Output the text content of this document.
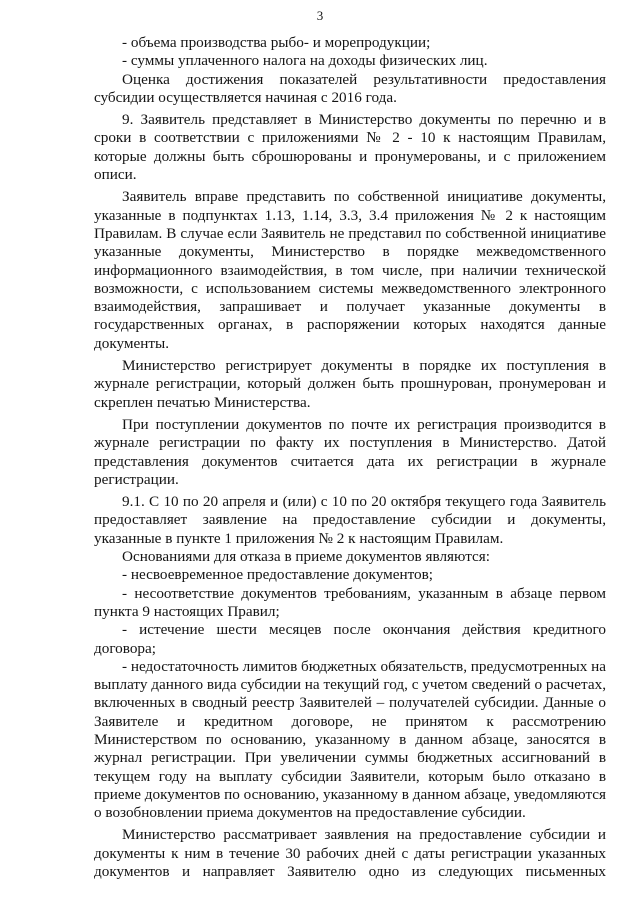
3

- объема производства рыбо- и морепродукции;

- суммы уплаченного налога на доходы физических лиц.

Оценка достижения показателей результативности предоставления субсидии осуществляется начиная с 2016 года.

9. Заявитель представляет в Министерство документы по перечню и в сроки в соответствии с приложениями № 2 - 10 к настоящим Правилам, которые должны быть сброшюрованы и пронумерованы, и с приложением описи.

Заявитель вправе представить по собственной инициативе документы, указанные в подпунктах 1.13, 1.14, 3.3, 3.4 приложения № 2 к настоящим Правилам. В случае если Заявитель не представил по собственной инициативе указанные документы, Министерство в порядке межведомственного информационного взаимодействия, в том числе, при наличии технической возможности, с использованием системы межведомственного электронного взаимодействия, запрашивает и получает указанные документы в государственных органах, в распоряжении которых находятся данные документы.

Министерство регистрирует документы в порядке их поступления в журнале регистрации, который должен быть прошнурован, пронумерован и скреплен печатью Министерства.

При поступлении документов по почте их регистрация производится в журнале регистрации по факту их поступления в Министерство. Датой представления документов считается дата их регистрации в журнале регистрации.

9.1. С 10 по 20 апреля и (или) с 10 по 20 октября текущего года Заявитель предоставляет заявление на предоставление субсидии и документы, указанные в пункте 1 приложения № 2 к настоящим Правилам.

Основаниями для отказа в приеме документов являются:

- несвоевременное предоставление документов;

- несоответствие документов требованиям, указанным в абзаце первом пункта 9 настоящих Правил;

- истечение шести месяцев после окончания действия кредитного договора;

- недостаточность лимитов бюджетных обязательств, предусмотренных на выплату данного вида субсидии на текущий год, с учетом сведений о расчетах, включенных в сводный реестр Заявителей – получателей субсидии. Данные о Заявителе и кредитном договоре, не принятом к рассмотрению Министерством по основанию, указанному в данном абзаце, заносятся в журнал регистрации. При увеличении суммы бюджетных ассигнований в текущем году на выплату субсидии Заявители, которым было отказано в приеме документов по основанию, указанному в данном абзаце, уведомляются о возобновлении приема документов на предоставление субсидии.

Министерство рассматривает заявления на предоставление субсидии и документы к ним в течение 30 рабочих дней с даты регистрации указанных документов и направляет Заявителю одно из следующих письменных
